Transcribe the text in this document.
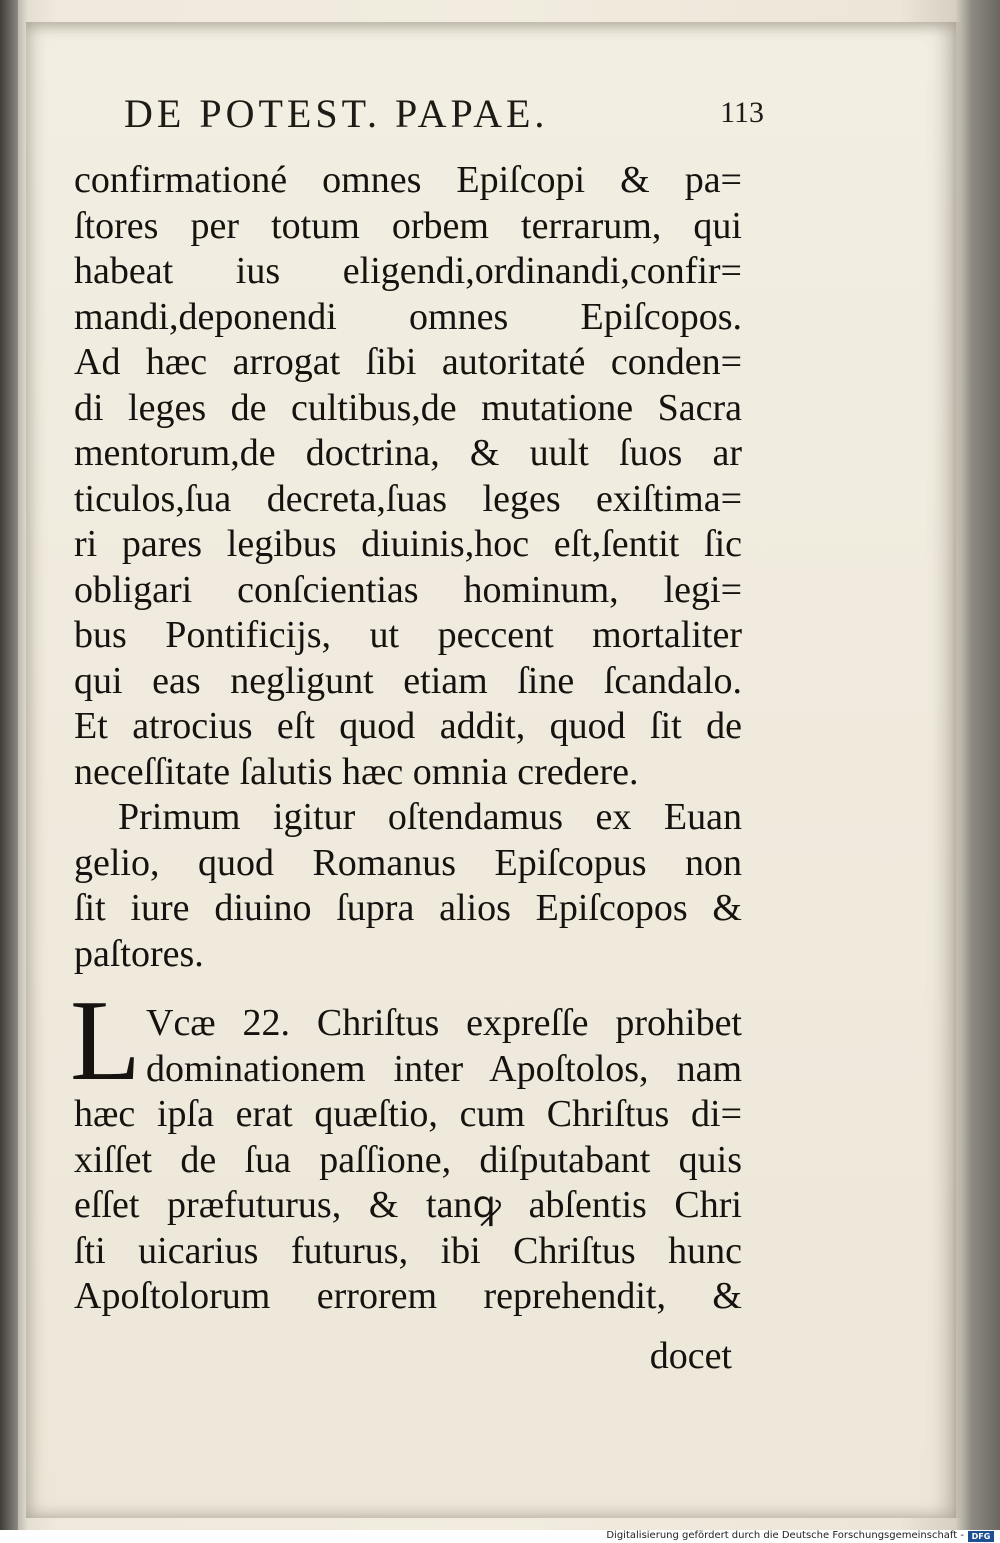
DE POTEST. PAPAE.	113
confirmationé omnes Epiſcopi & pa=
ſtores per totum orbem terrarum, qui
habeat ius eligendi,ordinandi,confir=
mandi,deponendi omnes Epiſcopos.
Ad hæc arrogat ſibi autoritaté conden=
di leges de cultibus,de mutatione Sacra
mentorum,de doctrina, & uult ſuos ar
ticulos,ſua decreta,ſuas leges exiſtima=
ri pares legibus diuinis,hoc eſt,ſentit ſic
obligari conſcientias hominum, legi=
bus Pontificijs, ut peccent mortaliter
qui eas negligunt etiam ſine ſcandalo.
Et atrocius eſt quod addit, quod ſit de
neceſſitate ſalutis hæc omnia credere.
Primum igitur oſtendamus ex Euan
gelio, quod Romanus Epiſcopus non
ſit iure diuino ſupra alios Epiſcopos &
paſtores.
L Vcæ 22. Chriſtus expreſſe prohibet
dominationem inter Apoſtolos, nam
hæc ipſa erat quæſtio, cum Chriſtus di=
xiſſet de ſua paſſione, diſputabant quis
eſſet præfuturus, & tanꝙ abſentis Chri
ſti uicarius futurus, ibi Chriſtus hunc
Apoſtolorum errorem reprehendit, &
docet
Digitalisierung gefördert durch die Deutsche Forschungsgemeinschaft - DFG
